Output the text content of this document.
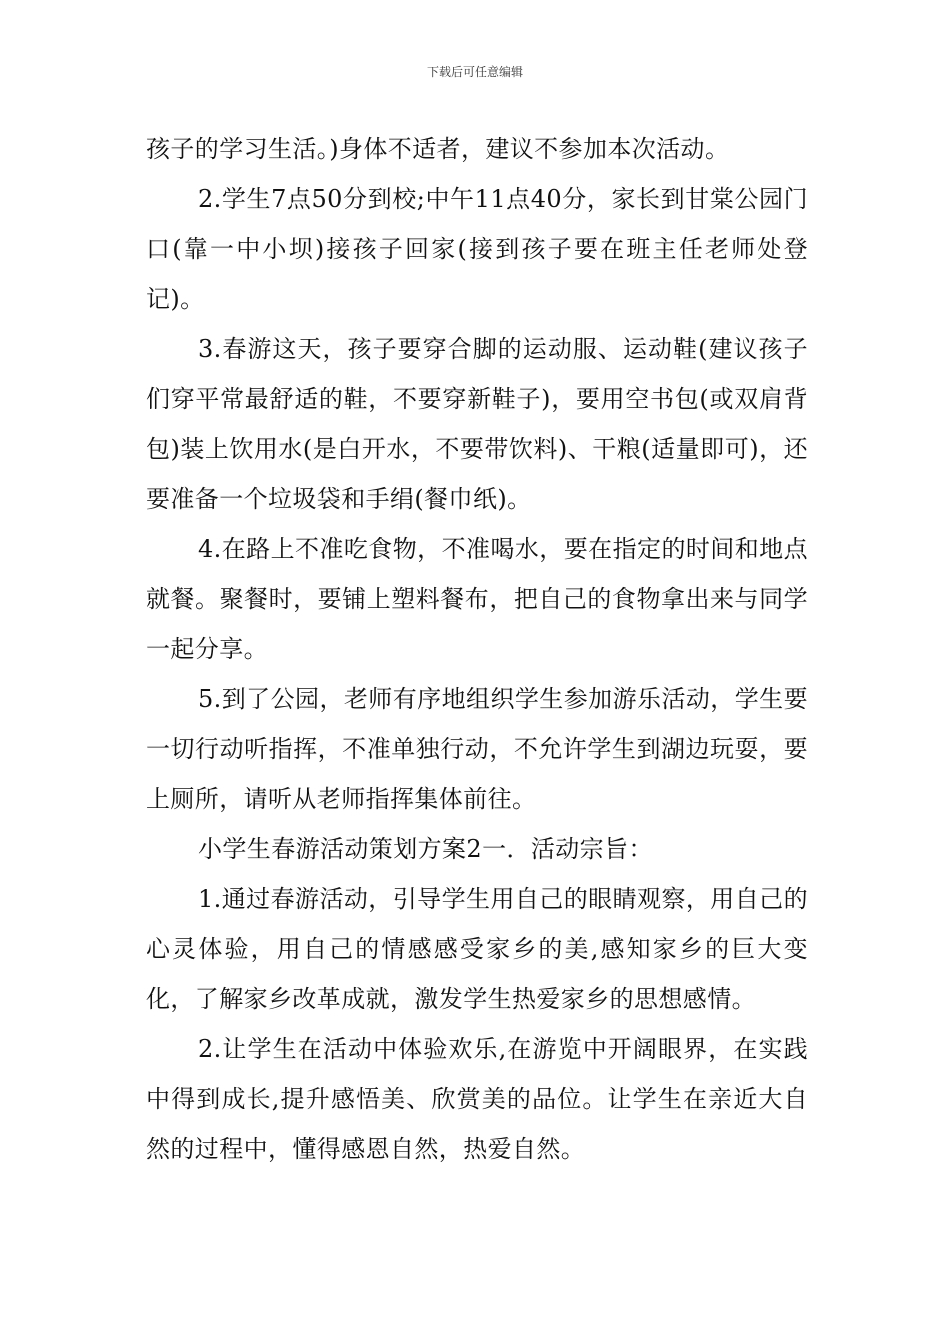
下载后可任意编辑

孩子的学习生活。)身体不适者，建议不参加本次活动。

2.学生7点50分到校;中午11点40分，家长到甘棠公园门口(靠一中小坝)接孩子回家(接到孩子要在班主任老师处登记)。

3.春游这天，孩子要穿合脚的运动服、运动鞋(建议孩子们穿平常最舒适的鞋，不要穿新鞋子)，要用空书包(或双肩背包)装上饮用水(是白开水，不要带饮料)、干粮(适量即可)，还要准备一个垃圾袋和手绢(餐巾纸)。

4.在路上不准吃食物，不准喝水，要在指定的时间和地点就餐。聚餐时，要铺上塑料餐布，把自己的食物拿出来与同学一起分享。

5.到了公园，老师有序地组织学生参加游乐活动，学生要一切行动听指挥，不准单独行动，不允许学生到湖边玩耍，要上厕所，请听从老师指挥集体前往。

小学生春游活动策划方案2一．活动宗旨：

1.通过春游活动，引导学生用自己的眼睛观察，用自己的心灵体验，用自己的情感感受家乡的美,感知家乡的巨大变化，了解家乡改革成就，激发学生热爱家乡的思想感情。

2.让学生在活动中体验欢乐,在游览中开阔眼界，在实践中得到成长,提升感悟美、欣赏美的品位。让学生在亲近大自然的过程中，懂得感恩自然，热爱自然。
